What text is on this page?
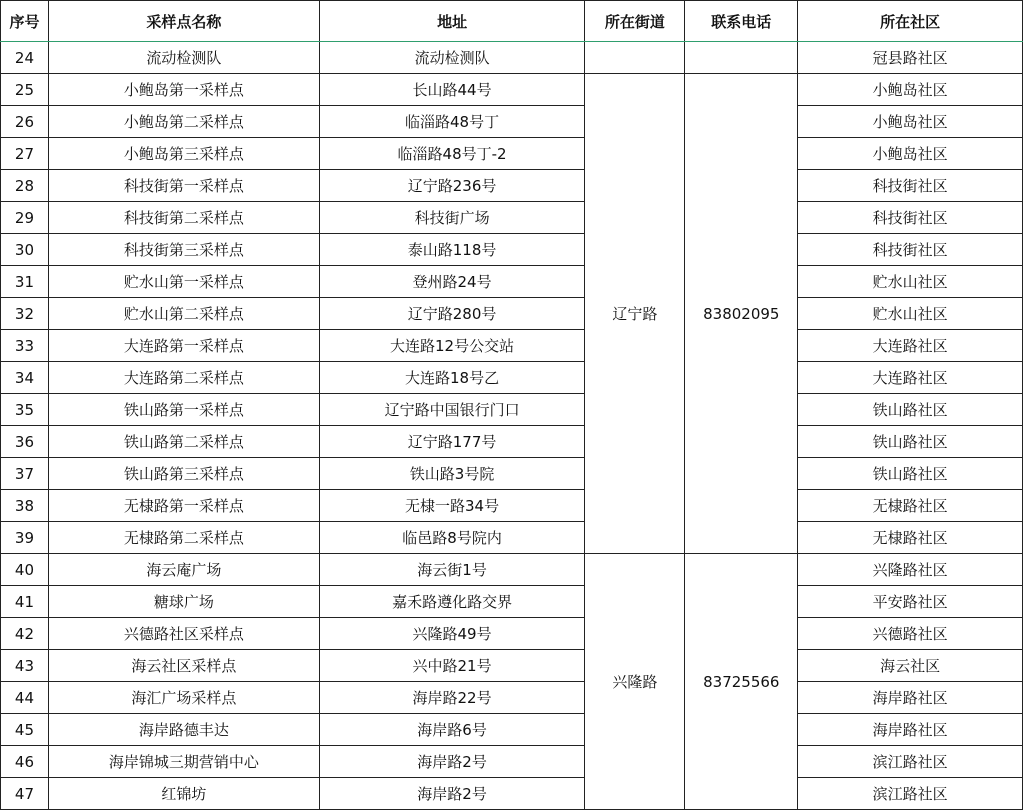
序号	采样点名称	地址	所在街道	联系电话	所在社区
24	流动检测队	流动检测队			冠县路社区
25	小鲍岛第一采样点	长山路44号	辽宁路	83802095	小鲍岛社区
26	小鲍岛第二采样点	临淄路48号丁			小鲍岛社区
27	小鲍岛第三采样点	临淄路48号丁-2			小鲍岛社区
28	科技街第一采样点	辽宁路236号			科技街社区
29	科技街第二采样点	科技街广场			科技街社区
30	科技街第三采样点	泰山路118号			科技街社区
31	贮水山第一采样点	登州路24号			贮水山社区
32	贮水山第二采样点	辽宁路280号			贮水山社区
33	大连路第一采样点	大连路12号公交站			大连路社区
34	大连路第二采样点	大连路18号乙			大连路社区
35	铁山路第一采样点	辽宁路中国银行门口			铁山路社区
36	铁山路第二采样点	辽宁路177号			铁山路社区
37	铁山路第三采样点	铁山路3号院			铁山路社区
38	无棣路第一采样点	无棣一路34号			无棣路社区
39	无棣路第二采样点	临邑路8号院内			无棣路社区
40	海云庵广场	海云街1号	兴隆路	83725566	兴隆路社区
41	糖球广场	嘉禾路遵化路交界			平安路社区
42	兴德路社区采样点	兴隆路49号			兴德路社区
43	海云社区采样点	兴中路21号			海云社区
44	海汇广场采样点	海岸路22号			海岸路社区
45	海岸路德丰达	海岸路6号			海岸路社区
46	海岸锦城三期营销中心	海岸路2号			滨江路社区
47	红锦坊	海岸路2号			滨江路社区
